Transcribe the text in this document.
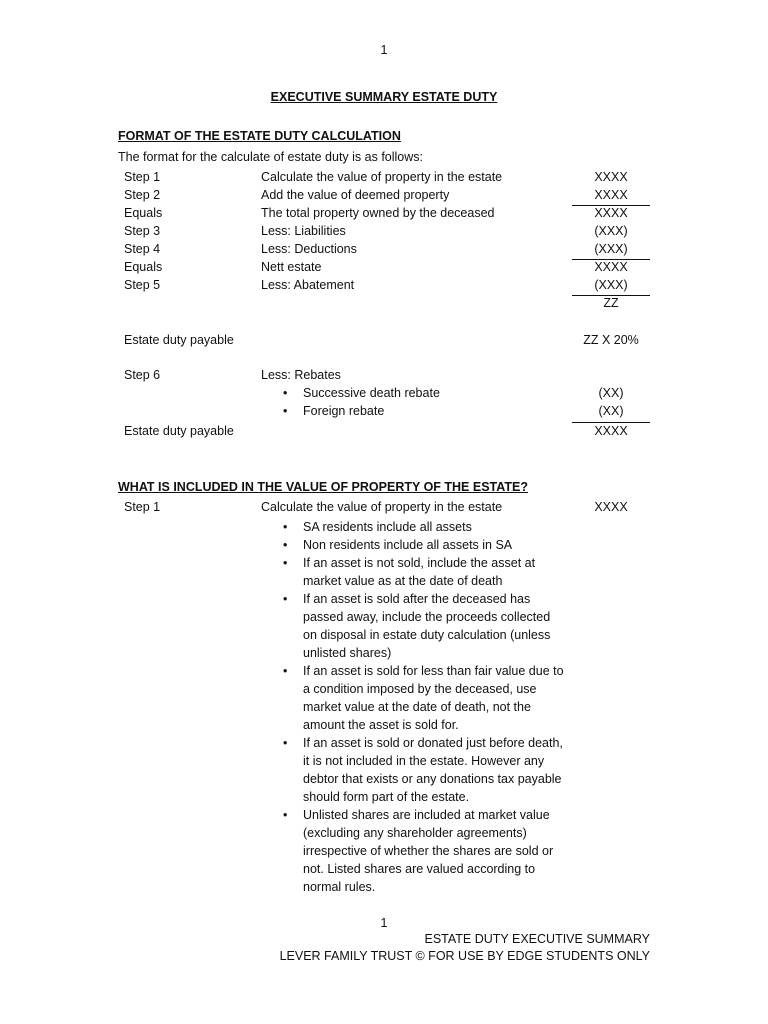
1
EXECUTIVE SUMMARY ESTATE DUTY
FORMAT OF THE ESTATE DUTY CALCULATION
The format for the calculate of estate duty is as follows:
Step 1	Calculate the value of property in the estate	XXXX
Step 2	Add the value of deemed property	XXXX
Equals	The total property owned by the deceased	XXXX
Step 3	Less: Liabilities	(XXX)
Step 4	Less: Deductions	(XXX)
Equals	Nett estate	XXXX
Step 5	Less: Abatement	(XXX)
ZZ
Estate duty payable	ZZ X 20%
Step 6	Less: Rebates
• Successive death rebate	(XX)
• Foreign rebate	(XX)
Estate duty payable	XXXX
WHAT IS INCLUDED IN THE VALUE OF PROPERTY OF THE ESTATE?
Step 1	Calculate the value of property in the estate	XXXX
• SA residents include all assets
• Non residents include all assets in SA
• If an asset is not sold, include the asset at market value as at the date of death
• If an asset is sold after the deceased has passed away, include the proceeds collected on disposal in estate duty calculation (unless unlisted shares)
• If an asset is sold for less than fair value due to a condition imposed by the deceased, use market value at the date of death, not the amount the asset is sold for.
• If an asset is sold or donated just before death, it is not included in the estate. However any debtor that exists or any donations tax payable should form part of the estate.
• Unlisted shares are included at market value (excluding any shareholder agreements) irrespective of whether the shares are sold or not. Listed shares are valued according to normal rules.
1
ESTATE DUTY EXECUTIVE SUMMARY
LEVER FAMILY TRUST © FOR USE BY EDGE STUDENTS ONLY
